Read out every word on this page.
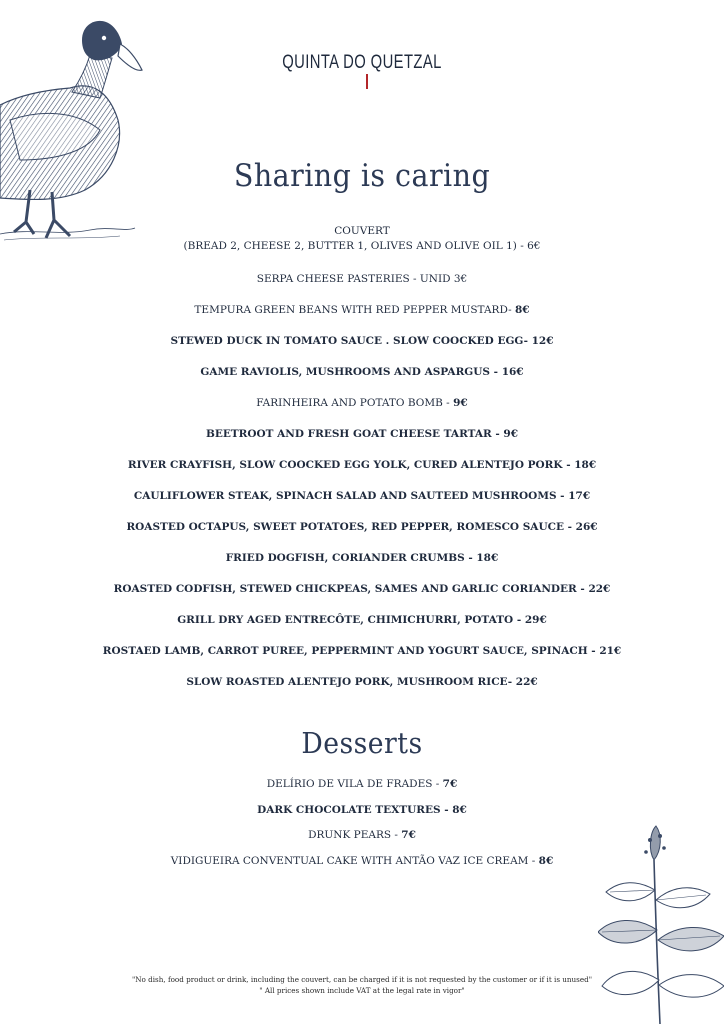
QUINTA DO QUETZAL
Sharing is caring
COUVERT
(BREAD 2, CHEESE 2, BUTTER 1, OLIVES AND OLIVE OIL 1) - 6€
SERPA CHEESE PASTERIES - UNID 3€
TEMPURA GREEN BEANS WITH RED PEPPER MUSTARD- 8€
STEWED DUCK IN TOMATO SAUCE . SLOW COOCKED EGG- 12€
GAME RAVIOLIS, MUSHROOMS AND ASPARGUS - 16€
FARINHEIRA AND POTATO BOMB - 9€
BEETROOT AND FRESH GOAT CHEESE TARTAR - 9€
RIVER CRAYFISH, SLOW COOCKED EGG YOLK, CURED ALENTEJO PORK - 18€
CAULIFLOWER STEAK, SPINACH SALAD AND SAUTEED MUSHROOMS - 17€
ROASTED OCTAPUS, SWEET POTATOES, RED PEPPER, ROMESCO SAUCE - 26€
FRIED DOGFISH, CORIANDER CRUMBS - 18€
ROASTED CODFISH, STEWED CHICKPEAS, SAMES AND GARLIC CORIANDER - 22€
GRILL DRY AGED ENTRECÔTE, CHIMICHURRI, POTATO - 29€
ROSTAED LAMB, CARROT PUREE, PEPPERMINT AND YOGURT SAUCE, SPINACH - 21€
SLOW ROASTED ALENTEJO PORK, MUSHROOM RICE- 22€
Desserts
DELÍRIO DE VILA DE FRADES - 7€
DARK CHOCOLATE TEXTURES - 8€
DRUNK PEARS - 7€
VIDIGUEIRA CONVENTUAL CAKE WITH ANTÃO VAZ ICE CREAM - 8€
"No dish, food product or drink, including the couvert, can be charged if it is not requested by the customer or if it is unused"
" All prices shown include VAT at the legal rate in vigor"
